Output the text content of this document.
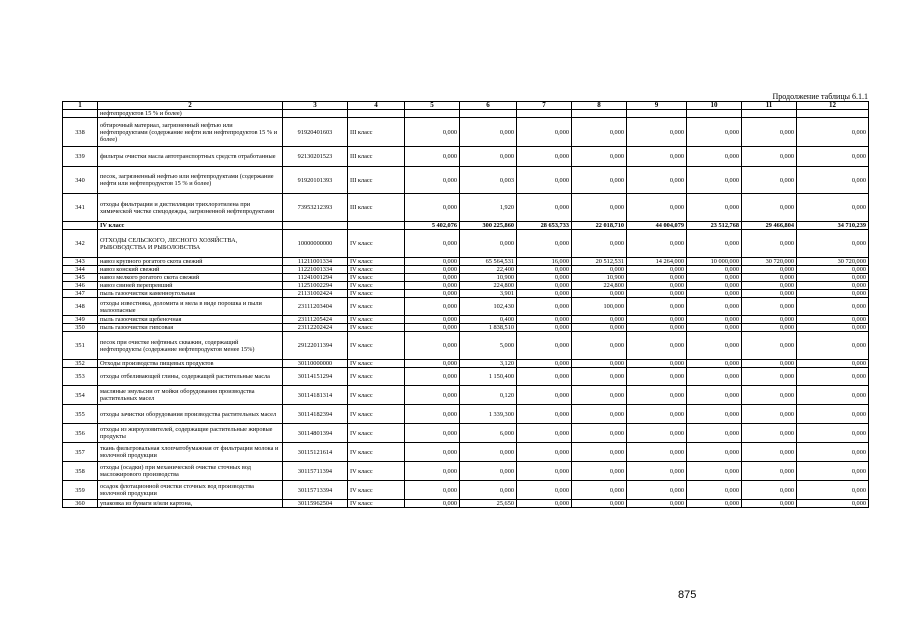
Продолжение таблицы 6.1.1
1	2	3	4	5	6	7	8	9	10	11	12
	нефтепродуктов 15 % и более)										
338	обтирочный материал, загрязненный нефтью или нефтепродуктами (содержание нефти или нефтепродуктов 15 % и более)	91920401603	III класс	0,000	0,000	0,000	0,000	0,000	0,000	0,000	0,000
339	фильтры очистки масла автотранспортных средств отработанные	92130201523	III класс	0,000	0,000	0,000	0,000	0,000	0,000	0,000	0,000
340	песок, загрязненный нефтью или нефтепродуктами (содержание нефти или нефтепродуктов 15 % и более)	91920101393	III класс	0,000	0,003	0,000	0,000	0,000	0,000	0,000	0,000
341	отходы фильтрации и дистилляции трихлорэтилена при химической чистке спецодежды, загрязненной нефтепродуктами	73953212393	III класс	0,000	1,920	0,000	0,000	0,000	0,000	0,000	0,000
	IV класс			5 402,076	300 225,860	28 653,733	22 018,710	44 004,079	23 512,768	29 466,804	34 710,239
342	ОТХОДЫ СЕЛЬСКОГО, ЛЕСНОГО ХОЗЯЙСТВА, РЫБОВОДСТВА И РЫБОЛОВСТВА	10000000000	IV класс	0,000	0,000	0,000	0,000	0,000	0,000	0,000	0,000
343	навоз крупного рогатого скота свежий	11211001334	IV класс	0,000	65 564,531	16,000	20 512,531	14 264,000	10 000,000	30 720,000	30 720,000
344	навоз конский свежий	11221001334	IV класс	0,000	22,400	0,000	0,000	0,000	0,000	0,000	0,000
345	навоз мелкого рогатого скота свежий	11241001294	IV класс	0,000	10,900	0,000	10,900	0,000	0,000	0,000	0,000
346	навоз свиней перепревший	11251002294	IV класс	0,000	224,800	0,000	224,800	0,000	0,000	0,000	0,000
347	пыль газоочистки каменноугольная	21131002424	IV класс	0,000	3,901	0,000	0,000	0,000	0,000	0,000	0,000
348	отходы известняка, доломита и мела в виде порошка и пыли малоопасные	23111203404	IV класс	0,000	102,430	0,000	100,000	0,000	0,000	0,000	0,000
349	пыль газоочистки щебеночная	23111205424	IV класс	0,000	0,400	0,000	0,000	0,000	0,000	0,000	0,000
350	пыль газоочистки гипсовая	23112202424	IV класс	0,000	1 838,510	0,000	0,000	0,000	0,000	0,000	0,000
351	песок при очистке нефтяных скважин, содержащий нефтепродукты (содержание нефтепродуктов менее 15%)	29122011394	IV класс	0,000	5,000	0,000	0,000	0,000	0,000	0,000	0,000
352	Отходы производства пищевых продуктов	30110000000	IV класс	0,000	3,120	0,000	0,000	0,000	0,000	0,000	0,000
353	отходы отбеливающей глины, содержащей растительные масла	30114151294	IV класс	0,000	1 150,400	0,000	0,000	0,000	0,000	0,000	0,000
354	масляные эмульсии от мойки оборудования производства растительных масел	30114181314	IV класс	0,000	0,120	0,000	0,000	0,000	0,000	0,000	0,000
355	отходы зачистки оборудования производства растительных масел	30114182394	IV класс	0,000	1 339,300	0,000	0,000	0,000	0,000	0,000	0,000
356	отходы из жироуловителей, содержащие растительные жировые продукты	30114801394	IV класс	0,000	6,000	0,000	0,000	0,000	0,000	0,000	0,000
357	ткань фильтровальная хлопчатобумажная от фильтрации молока и молочной продукции	30115121614	IV класс	0,000	0,000	0,000	0,000	0,000	0,000	0,000	0,000
358	отходы (осадки) при механической очистке сточных вод масложирового производства	30115711394	IV класс	0,000	0,000	0,000	0,000	0,000	0,000	0,000	0,000
359	осадок флотационной очистки сточных вод производства молочной продукции	30115713394	IV класс	0,000	0,000	0,000	0,000	0,000	0,000	0,000	0,000
360	упаковка из бумаги и/или картона,	30115962504	IV класс	0,000	25,650	0,000	0,000	0,000	0,000	0,000	0,000
875
